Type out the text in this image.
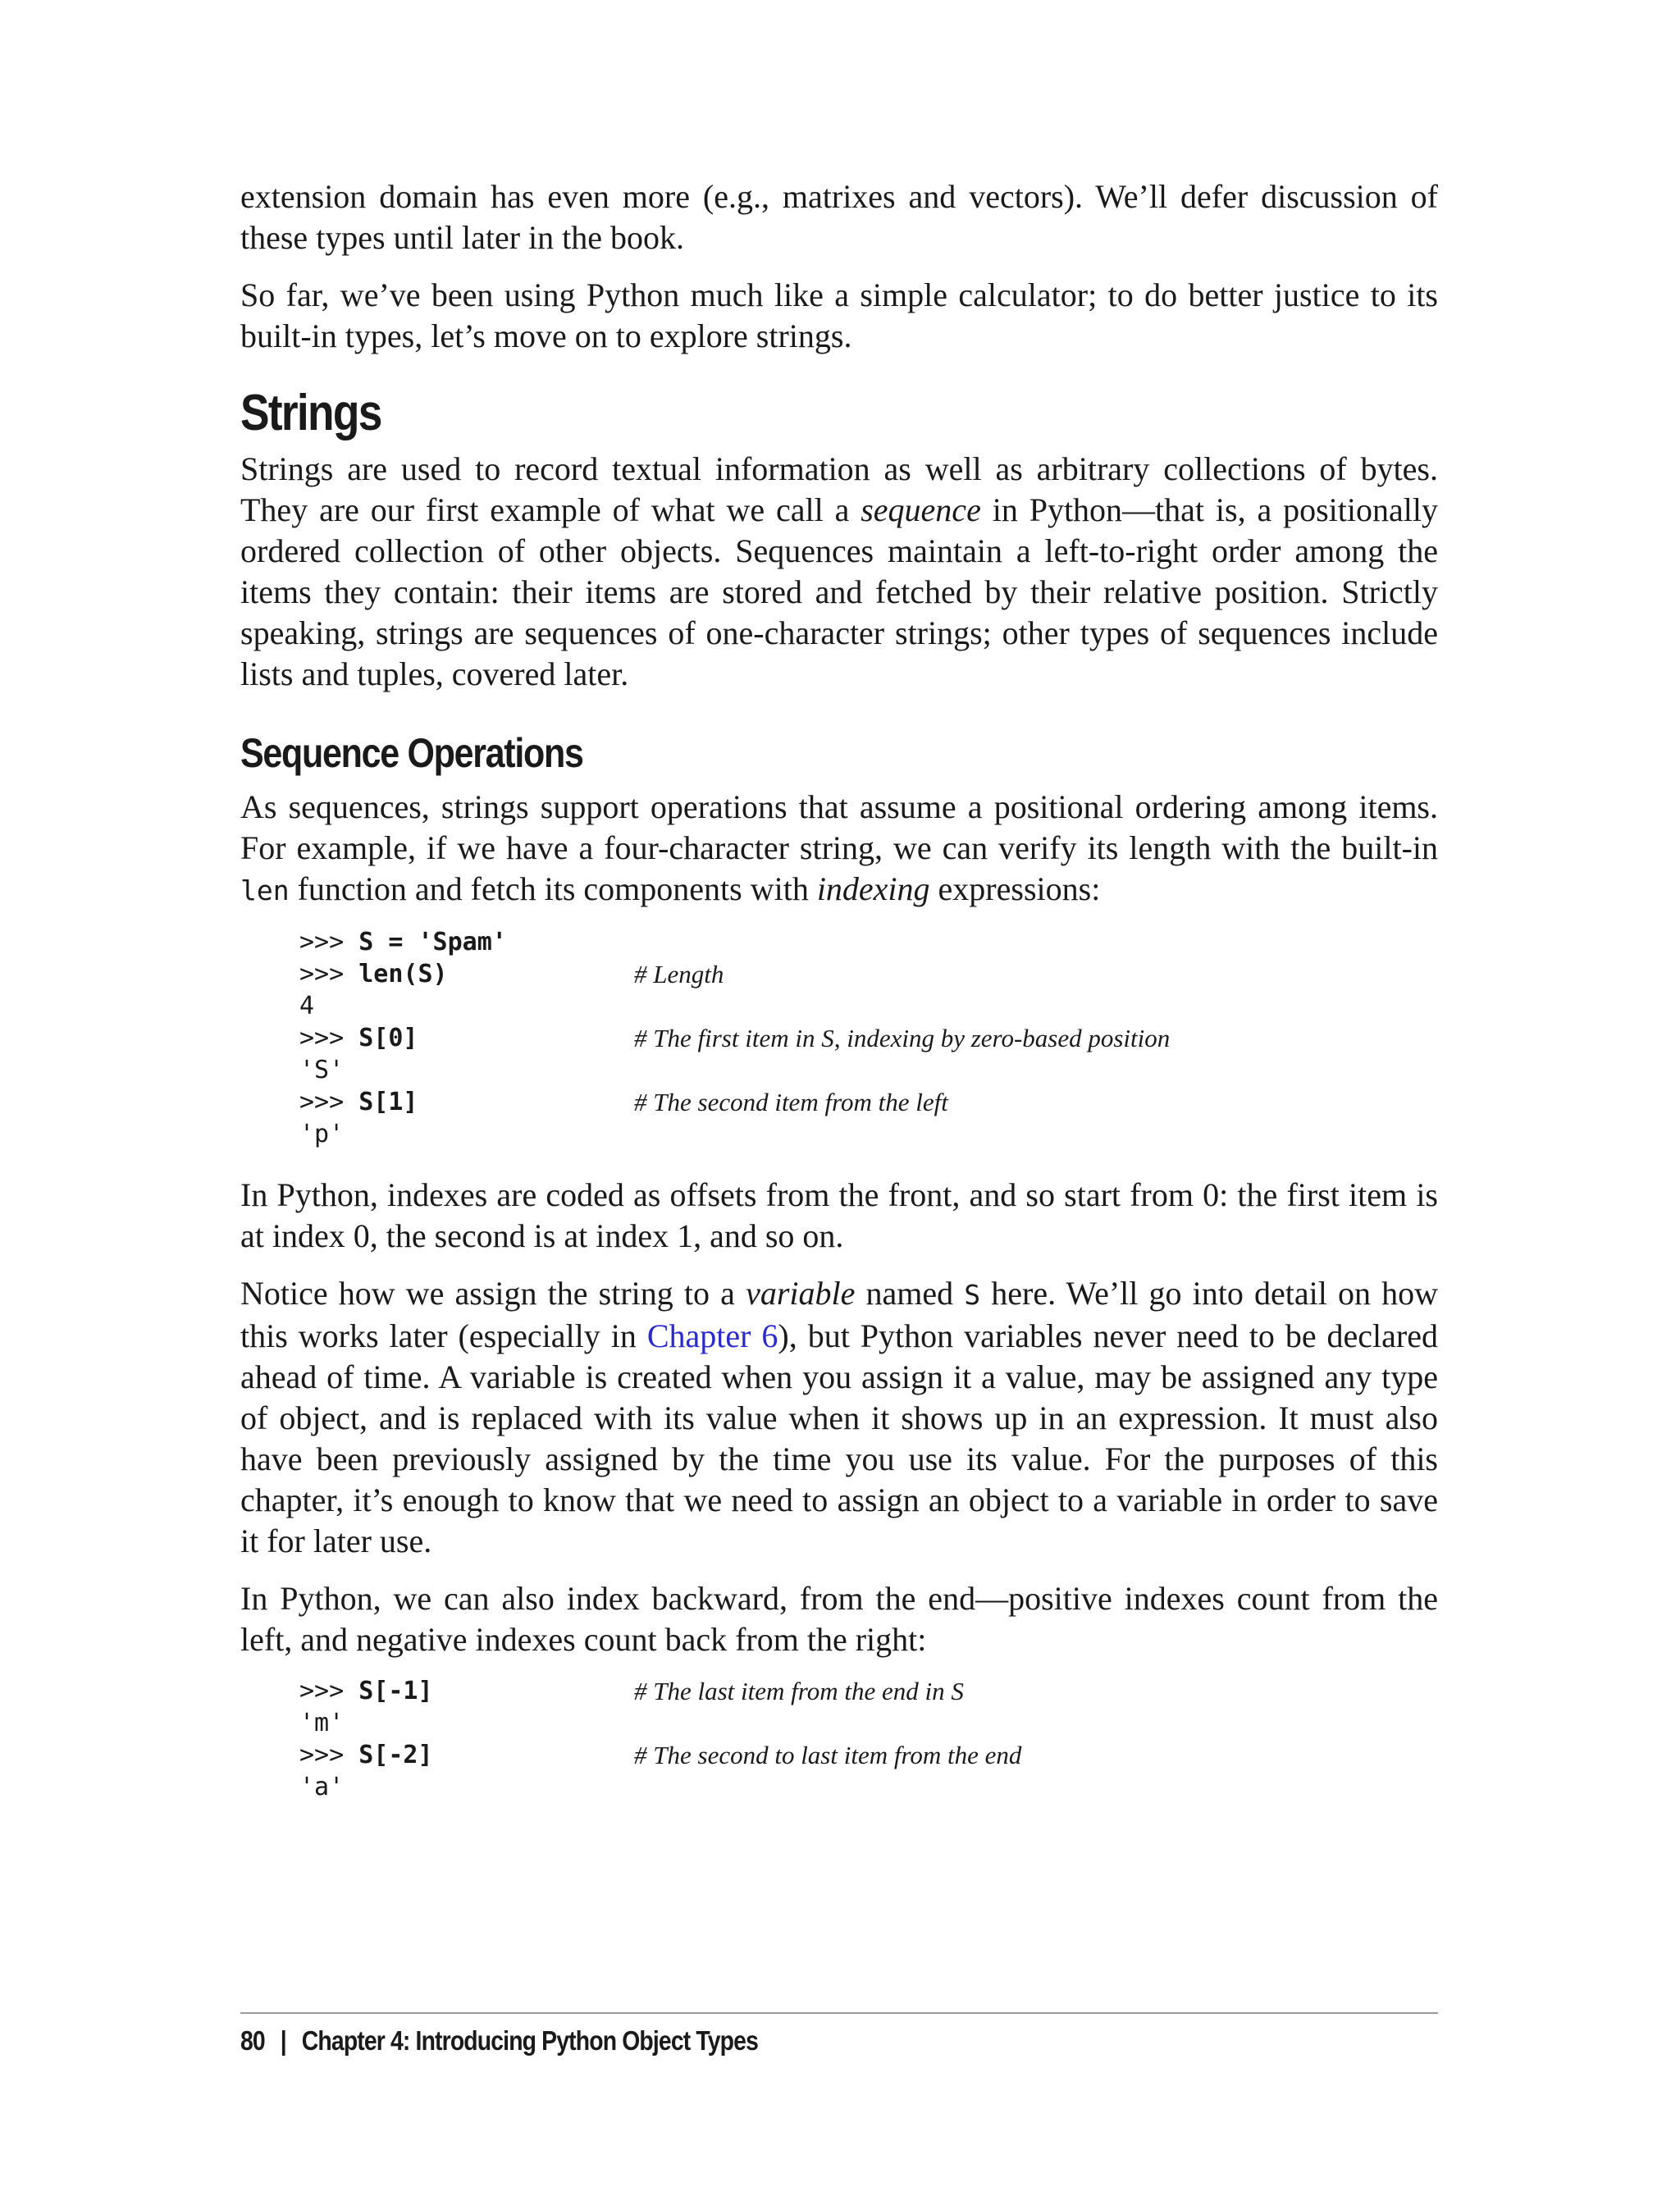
extension domain has even more (e.g., matrixes and vectors). We’ll defer discussion of these types until later in the book.

So far, we’ve been using Python much like a simple calculator; to do better justice to its built-in types, let’s move on to explore strings.

Strings

Strings are used to record textual information as well as arbitrary collections of bytes. They are our first example of what we call a sequence in Python—that is, a positionally ordered collection of other objects. Sequences maintain a left-to-right order among the items they contain: their items are stored and fetched by their relative position. Strictly speaking, strings are sequences of one-character strings; other types of sequences include lists and tuples, covered later.

Sequence Operations

As sequences, strings support operations that assume a positional ordering among items. For example, if we have a four-character string, we can verify its length with the built-in len function and fetch its components with indexing expressions:

>>> S = 'Spam'
>>> len(S)	# Length
4
>>> S[0]	# The first item in S, indexing by zero-based position
'S'
>>> S[1]	# The second item from the left
'p'

In Python, indexes are coded as offsets from the front, and so start from 0: the first item is at index 0, the second is at index 1, and so on.

Notice how we assign the string to a variable named S here. We’ll go into detail on how this works later (especially in Chapter 6), but Python variables never need to be declared ahead of time. A variable is created when you assign it a value, may be assigned any type of object, and is replaced with its value when it shows up in an expression. It must also have been previously assigned by the time you use its value. For the purposes of this chapter, it’s enough to know that we need to assign an object to a variable in order to save it for later use.

In Python, we can also index backward, from the end—positive indexes count from the left, and negative indexes count back from the right:

>>> S[-1]	# The last item from the end in S
'm'
>>> S[-2]	# The second to last item from the end
'a'
80 | Chapter 4: Introducing Python Object Types
